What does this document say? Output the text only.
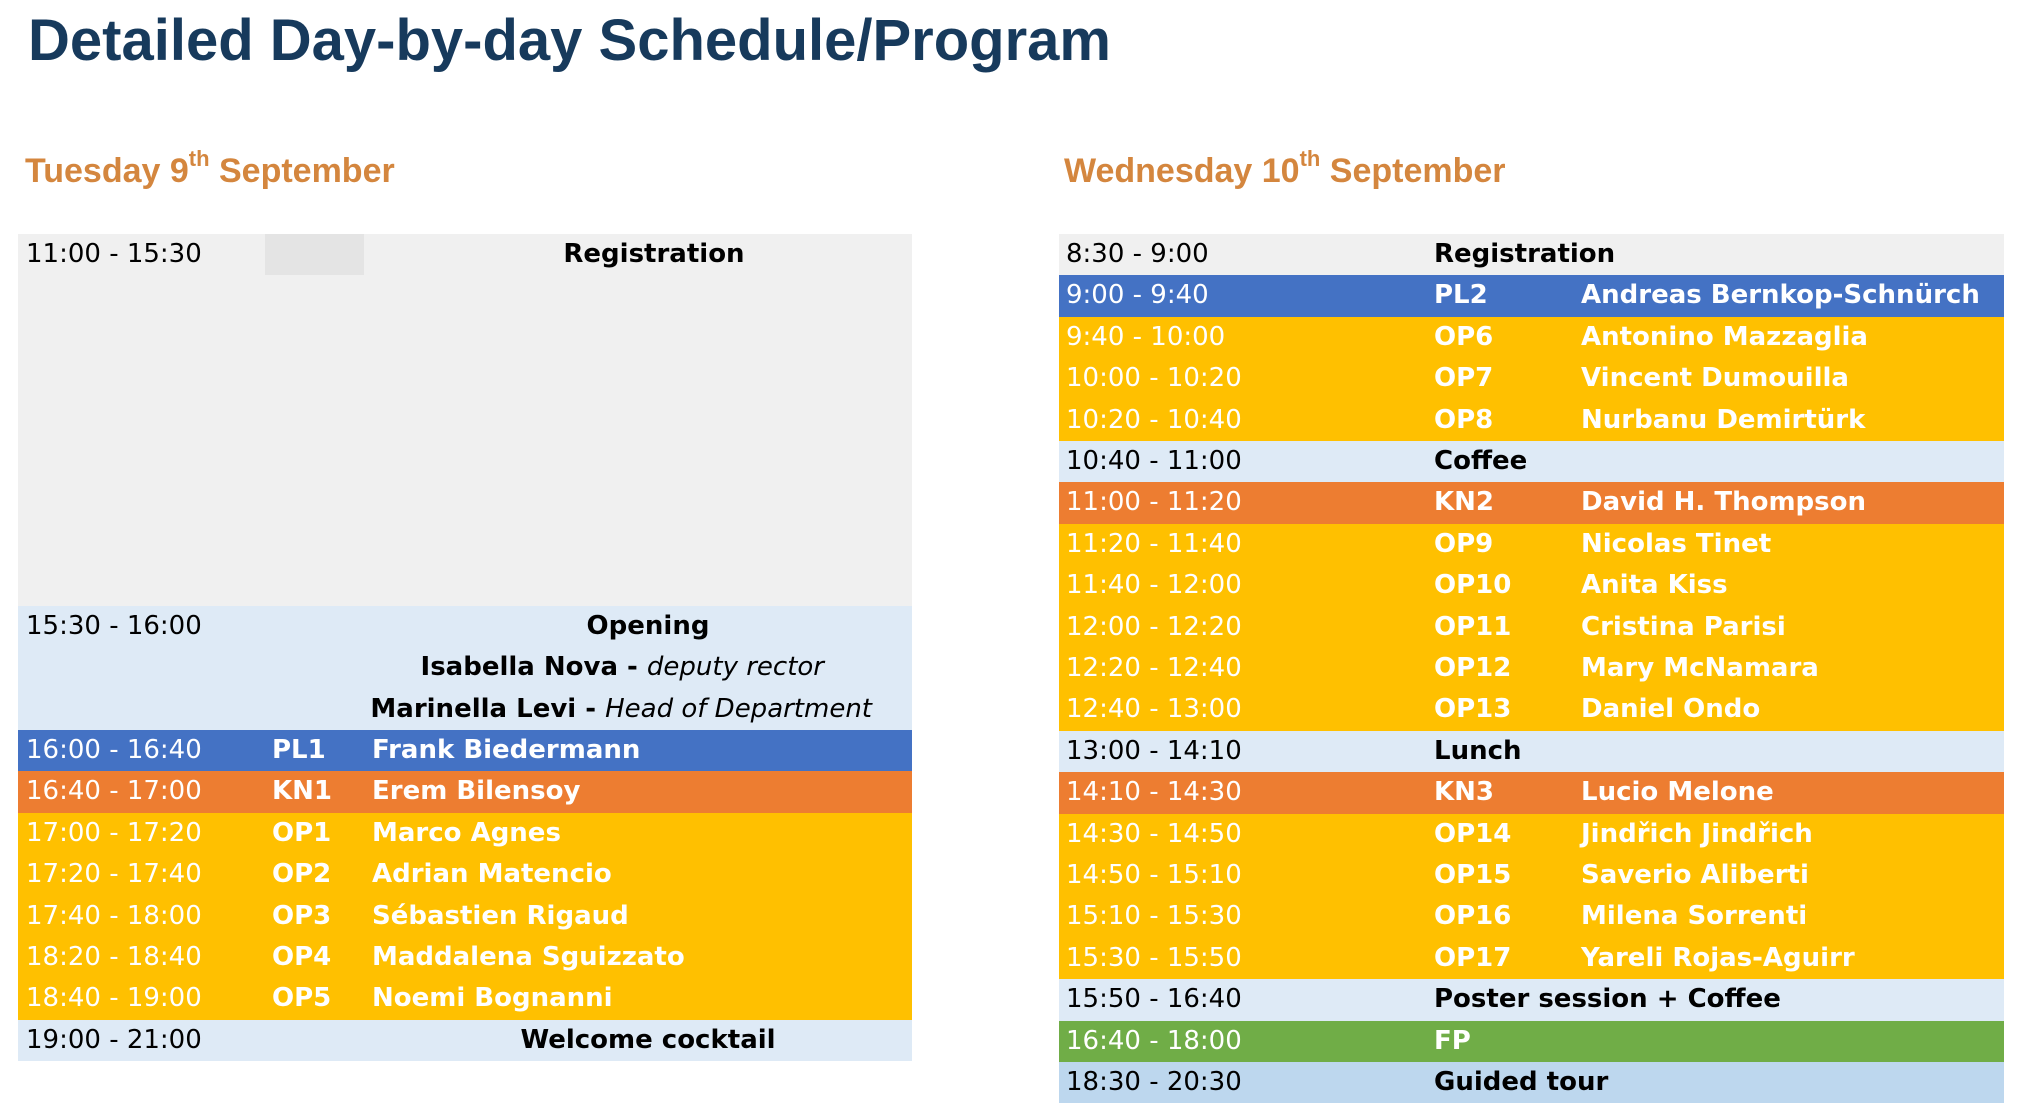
Detailed Day-by-day Schedule/Program
Tuesday 9th September	Wednesday 10th September
11:00 - 15:30	Registration
15:30 - 16:00	Opening
Isabella Nova - deputy rector
Marinella Levi - Head of Department
16:00 - 16:40	PL1 Frank Biedermann
16:40 - 17:00	KN1 Erem Bilensoy
17:00 - 17:20	OP1 Marco Agnes
17:20 - 17:40	OP2 Adrian Matencio
17:40 - 18:00	OP3 Sébastien Rigaud
18:20 - 18:40	OP4 Maddalena Sguizzato
18:40 - 19:00	OP5 Noemi Bognanni
19:00 - 21:00	Welcome cocktail
8:30 - 9:00	Registration
9:00 - 9:40	PL2	Andreas Bernkop-Schnürch
9:40 - 10:00	OP6	Antonino Mazzaglia
10:00 - 10:20	OP7	Vincent Dumouilla
10:20 - 10:40	OP8	Nurbanu Demirtürk
10:40 - 11:00	Coffee
11:00 - 11:20	KN2	David H. Thompson
11:20 - 11:40	OP9	Nicolas Tinet
11:40 - 12:00	OP10	Anita Kiss
12:00 - 12:20	OP11	Cristina Parisi
12:20 - 12:40	OP12	Mary McNamara
12:40 - 13:00	OP13	Daniel Ondo
13:00 - 14:10	Lunch
14:10 - 14:30	KN3	Lucio Melone
14:30 - 14:50	OP14	Jindřich Jindřich
14:50 - 15:10	OP15	Saverio Aliberti
15:10 - 15:30	OP16	Milena Sorrenti
15:30 - 15:50	OP17	Yareli Rojas-Aguirr
15:50 - 16:40	Poster session + Coffee
16:40 - 18:00	FP
18:30 - 20:30	Guided tour
